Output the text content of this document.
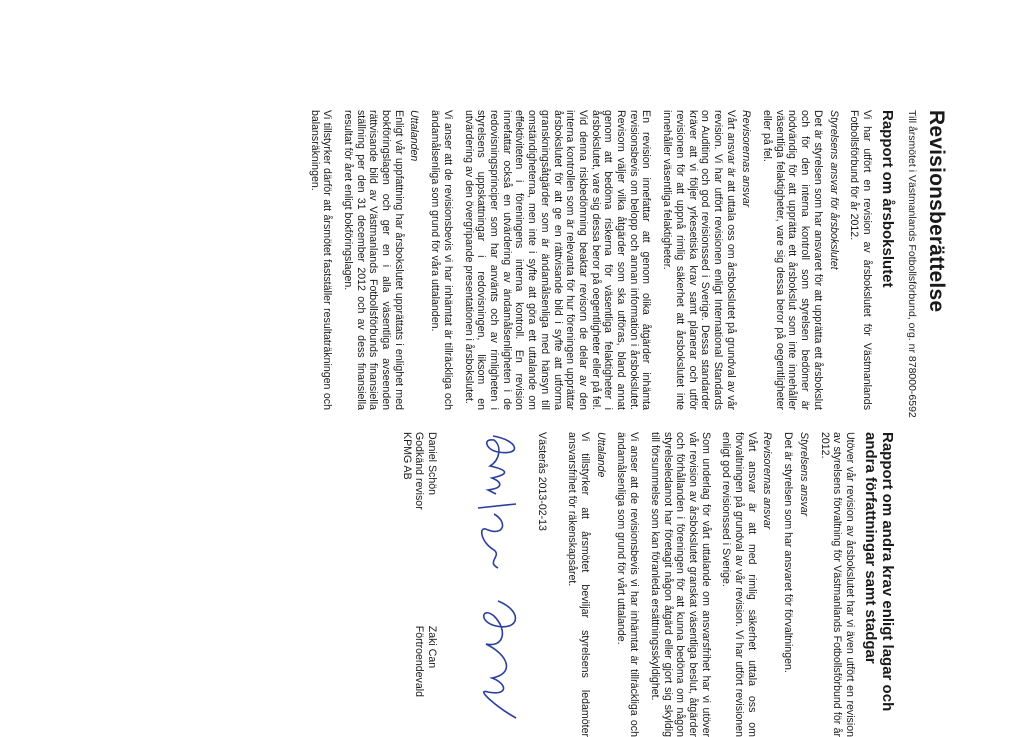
Revisionsberättelse
Till årsmötet i Västmanlands Fotbollsförbund, org. nr 878000-6592
Rapport om årsbokslutet

Vi har utfört en revision av årsbokslutet för Västmanlands Fotbollsförbund för år 2012.

Styrelsens ansvar för årsbokslutet

Det är styrelsen som har ansvaret för att upprätta ett årsbokslut och för den interna kontroll som styrelsen bedömer är nödvändig för att upprätta ett årsbokslut som inte innehåller väsentliga felaktigheter, vare sig dessa beror på oegentligheter eller på fel.

Revisorernas ansvar

Vårt ansvar är att uttala oss om årsbokslutet på grundval av vår revision. Vi har utfört revisionen enligt International Standards on Auditing och god revisionssed i Sverige. Dessa standarder kräver att vi följer yrkesetiska krav samt planerar och utför revisionen för att uppnå rimlig säkerhet att årsbokslutet inte innehåller väsentliga felaktigheter.

En revision innefattar att genom olika åtgärder inhämta revisionsbevis om belopp och annan information i årsbokslutet. Revisorn väljer vilka åtgärder som ska utföras, bland annat genom att bedöma riskerna för väsentliga felaktigheter i årsbokslutet, vare sig dessa beror på oegentligheter eller på fel. Vid denna riskbedömning beaktar revisorn de delar av den interna kontrollen som är relevanta för hur föreningen upprättar årsbokslutet för att ge en rättvisande bild i syfte att utforma granskningsåtgärder som är ändamålsenliga med hänsyn till omständigheterna, men inte i syfte att göra ett uttalande om effektiviteten i föreningens interna kontroll. En revision innefattar också en utvärdering av ändamålsenligheten i de redovisningsprinciper som har använts och av rimligheten i styrelsens uppskattningar i redovisningen, liksom en utvärdering av den övergripande presentationen i årsbokslutet.

Vi anser att de revisionsbevis vi har inhämtat är tillräckliga och ändamålsenliga som grund för våra uttalanden.

Uttalanden

Enligt vår uppfattning har årsbokslutet upprättats i enlighet med bokföringslagen och ger en i alla väsentliga avseenden rättvisande bild av Västmanlands Fotbollsförbunds finansiella ställning per den 31 december 2012 och av dess finansiella resultat för året enligt bokföringslagen.

Vi tillstyrker därför att årsmötet fastställer resultaträkningen och balansräkningen.

Rapport om andra krav enligt lagar och andra författningar samt stadgar

Utöver vår revision av årsbokslutet har vi även utfört en revision av styrelsens förvaltning för Västmanlands Fotbollsförbund för år 2012.

Styrelsens ansvar

Det är styrelsen som har ansvaret för förvaltningen.

Revisorernas ansvar

Vårt ansvar är att med rimlig säkerhet uttala oss om förvaltningen på grundval av vår revision. Vi har utfört revisionen enligt god revisionssed i Sverige.

Som underlag för vårt uttalande om ansvarsfrihet har vi utöver vår revision av årsbokslutet granskat väsentliga beslut, åtgärder och förhållanden i föreningen för att kunna bedöma om någon styrelseledamot har företagit någon åtgärd eller gjort sig skyldig till försummelse som kan föranleda ersättningsskyldighet.

Vi anser att de revisionsbevis vi har inhämtat är tillräckliga och ändamålsenliga som grund för vårt uttalande.

Uttalande

Vi tillstyrker att årsmötet beviljar styrelsens ledamöter ansvarsfrihet för räkenskapsåret.

Västerås 2013-02-13
Daniel Schön
Godkänd revisor
KPMG AB
Zaki Can
Förtroendevald
